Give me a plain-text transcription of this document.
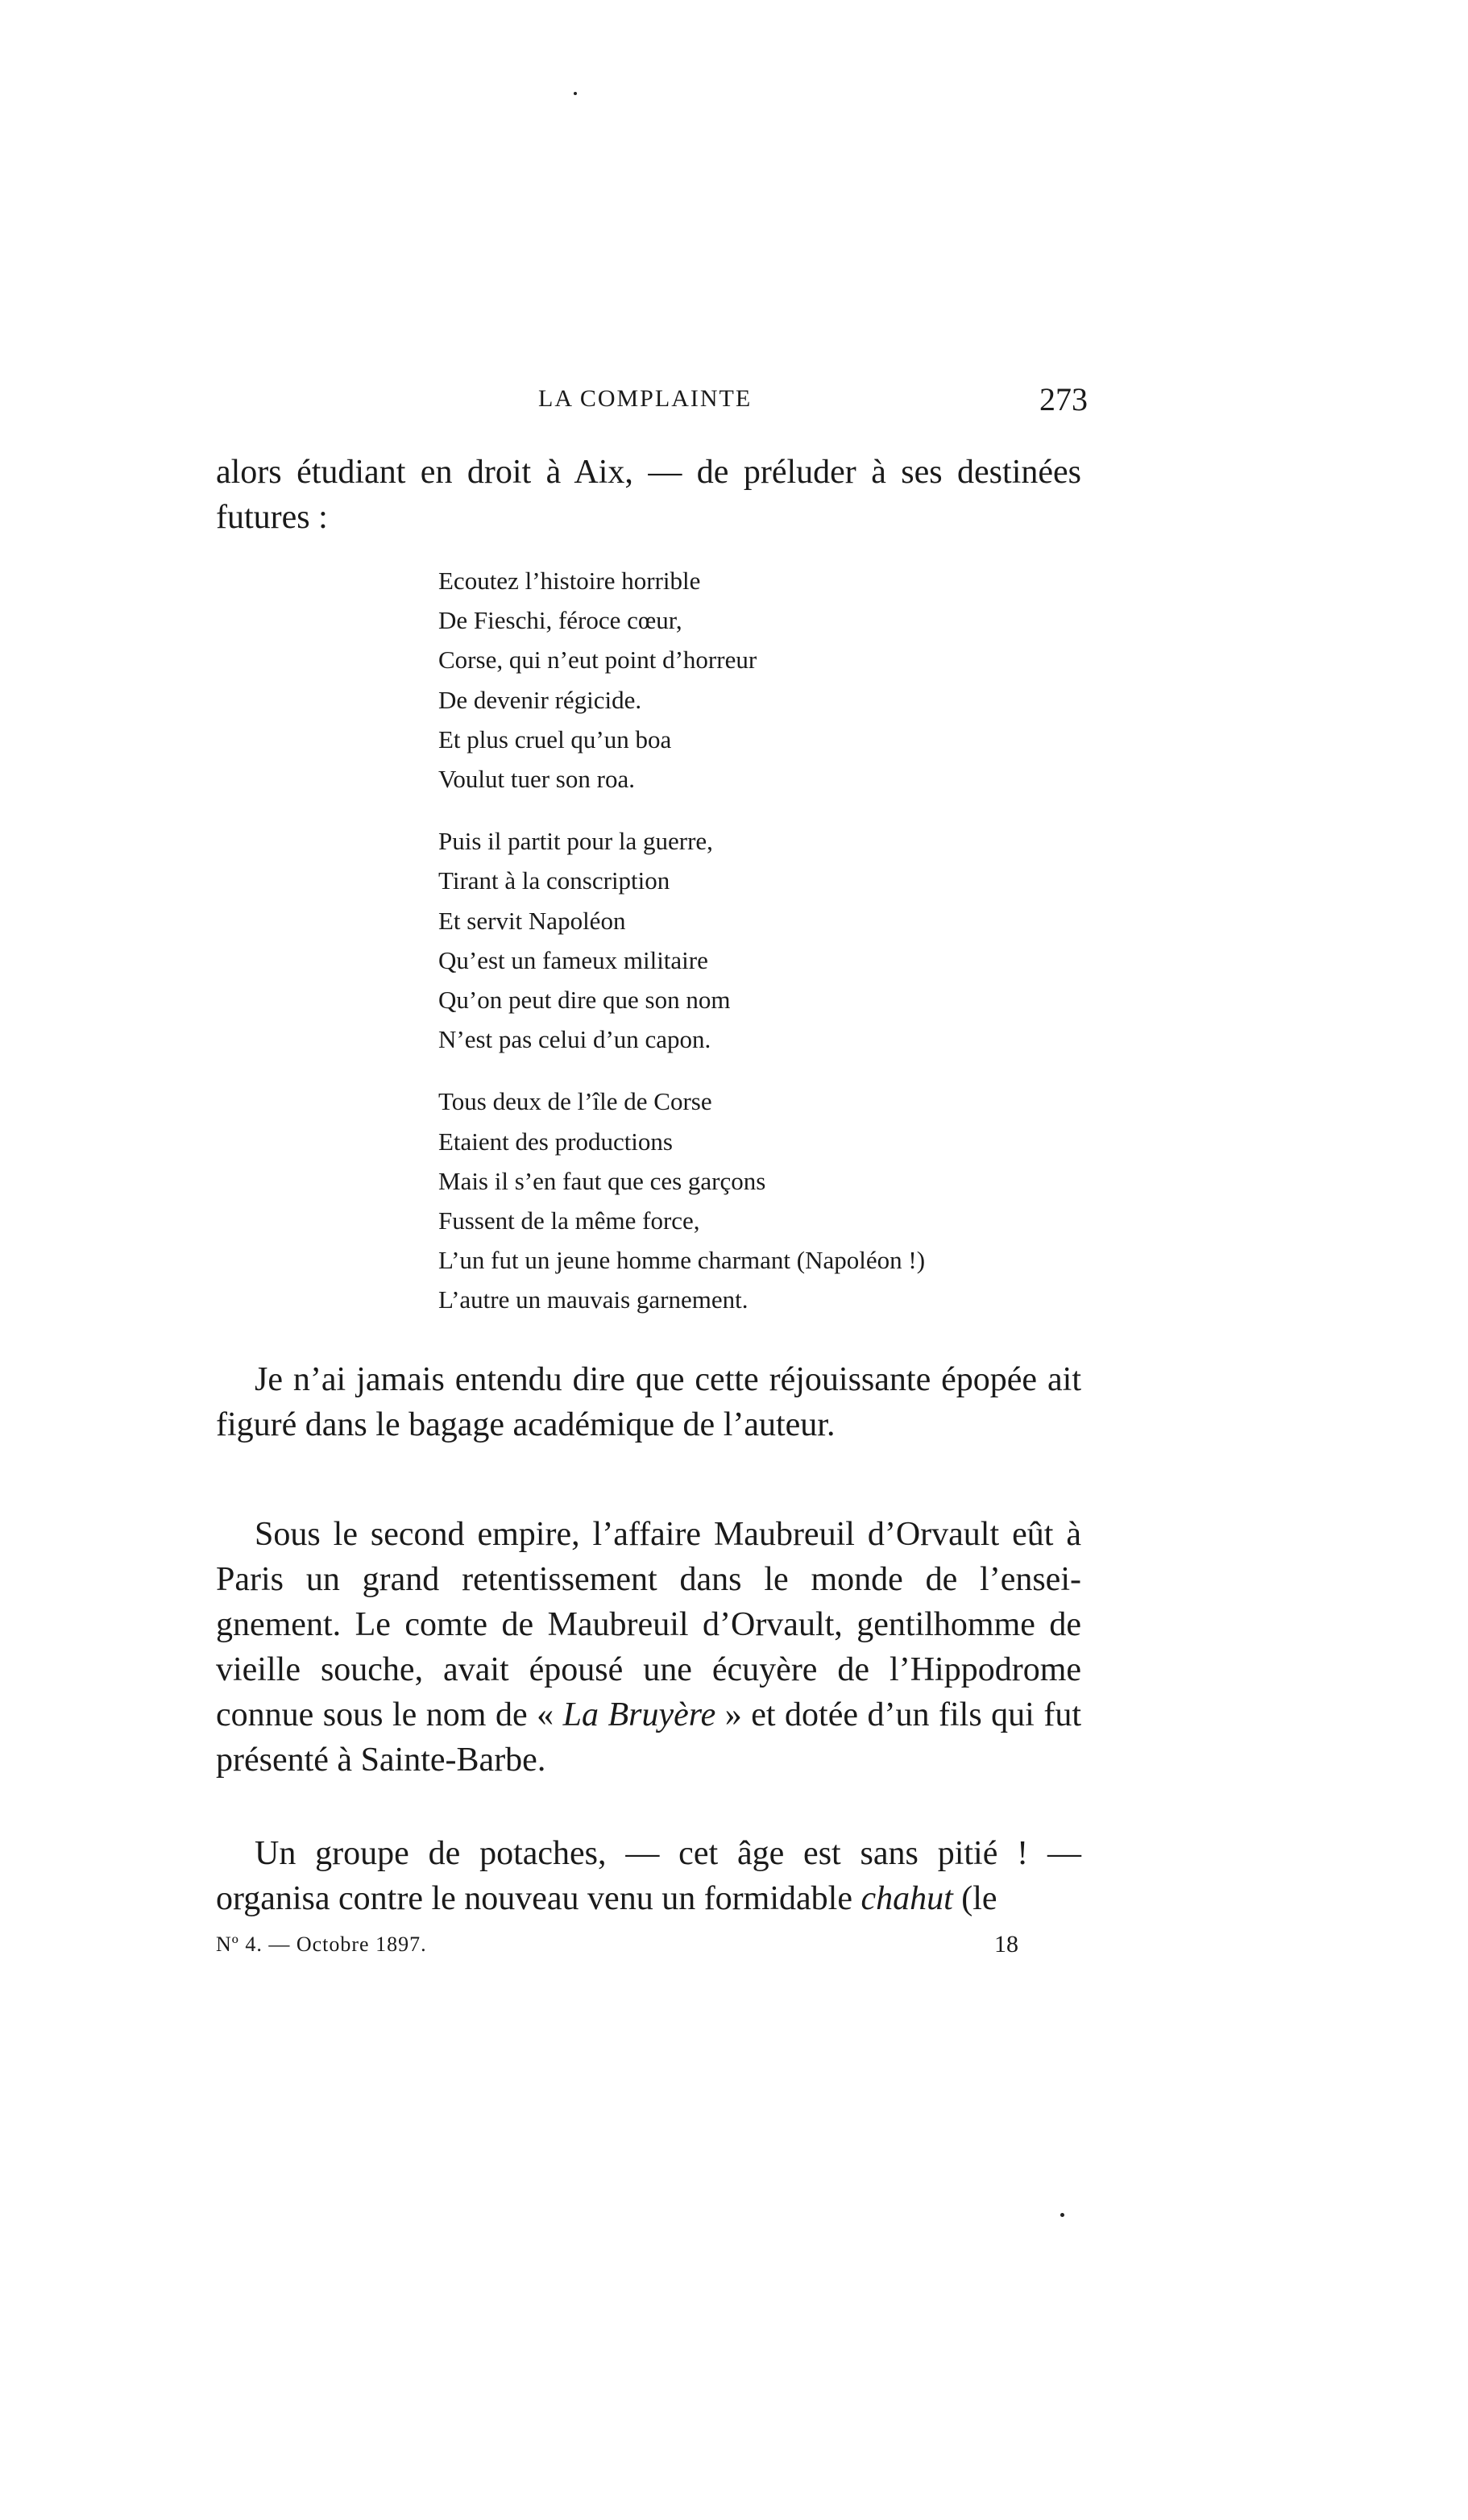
LA COMPLAINTE	273
alors étudiant en droit à Aix, — de préluder à ses destinées
futures :
Ecoutez l’histoire horrible
De Fieschi, féroce cœur,
Corse, qui n’eut point d’horreur
De devenir régicide.
Et plus cruel qu’un boa
Voulut tuer son roa.
Puis il partit pour la guerre,
Tirant à la conscription
Et servit Napoléon
Qu’est un fameux militaire
Qu’on peut dire que son nom
N’est pas celui d’un capon.
Tous deux de l’île de Corse
Etaient des productions
Mais il s’en faut que ces garçons
Fussent de la même force,
L’un fut un jeune homme charmant (Napoléon !)
L’autre un mauvais garnement.

Je n’ai jamais entendu dire que cette réjouissante épopée ait figuré dans le bagage académique de l’auteur.

Sous le second empire, l’affaire Maubreuil d’Orvault eût à Paris un grand retentissement dans le monde de l’enseignement. Le comte de Maubreuil d’Orvault, gentilhomme de vieille souche, avait épousé une écuyère de l’Hippodrome connue sous le nom de « La Bruyère » et dotée d’un fils qui fut présenté à Sainte-Barbe.

Un groupe de potaches, — cet âge est sans pitié ! — organisa contre le nouveau venu un formidable chahut (le

Nº 4. — Octobre 1897.	18
